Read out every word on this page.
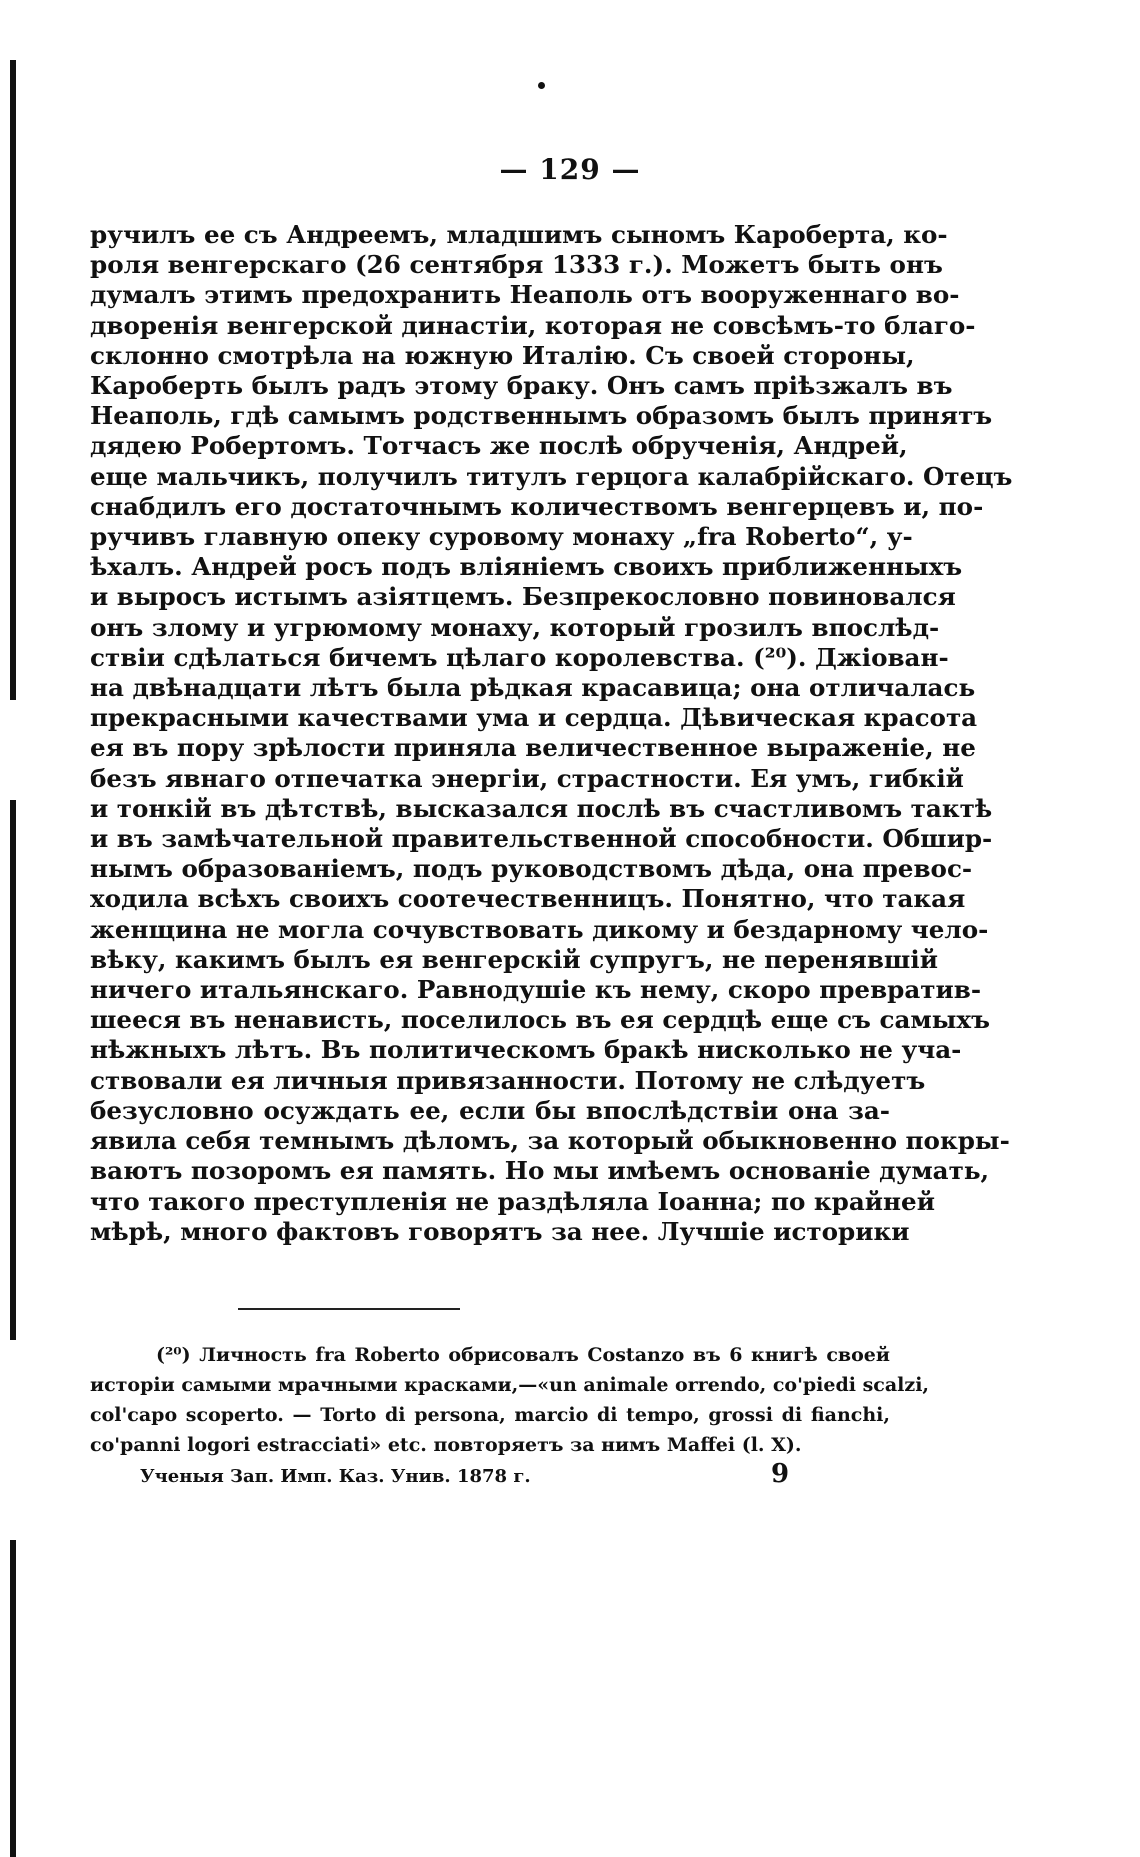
— 129 —
ручилъ ее съ Андреемъ, младшимъ сыномъ Кароберта, ко-
роля венгерскаго (26 сентября 1333 г.). Можетъ быть онъ
думалъ этимъ предохранить Неаполь отъ вооруженнаго во-
дворенія венгерской династіи, которая не совсѣмъ-то благо-
склонно смотрѣла на южную Италію. Съ своей стороны,
Кароберть былъ радъ этому браку. Онъ самъ пріѣзжалъ въ
Неаполь, гдѣ самымъ родственнымъ образомъ былъ принятъ
дядею Робертомъ. Тотчасъ же послѣ обрученія, Андрей,
еще мальчикъ, получилъ титулъ герцога калабрійскаго. Отецъ
снабдилъ его достаточнымъ количествомъ венгерцевъ и, по-
ручивъ главную опеку суровому монаху „fra Roberto“, у-
ѣхалъ. Андрей росъ подъ вліяніемъ своихъ приближенныхъ
и выросъ истымъ азіятцемъ. Безпрекословно повиновался
онъ злому и угрюмому монаху, который грозилъ впослѣд-
ствіи сдѣлаться бичемъ цѣлаго королевства. (²⁰). Джіован-
на двѣнадцати лѣтъ была рѣдкая красавица; она отличалась
прекрасными качествами ума и сердца. Дѣвическая красота
ея въ пору зрѣлости приняла величественное выраженіе, не
безъ явнаго отпечатка энергіи, страстности. Ея умъ, гибкій
и тонкій въ дѣтствѣ, высказался послѣ въ счастливомъ тактѣ
и въ замѣчательной правительственной способности. Обшир-
нымъ образованіемъ, подъ руководствомъ дѣда, она превос-
ходила всѣхъ своихъ соотечественницъ. Понятно, что такая
женщина не могла сочувствовать дикому и бездарному чело-
вѣку, какимъ былъ ея венгерскій супругъ, не перенявшій
ничего итальянскаго. Равнодушіе къ нему, скоро превратив-
шееся въ ненависть, поселилось въ ея сердцѣ еще съ самыхъ
нѣжныхъ лѣтъ. Въ политическомъ бракѣ нисколько не уча-
ствовали ея личныя привязанности. Потому не слѣдуетъ
безусловно осуждать ее, если бы впослѣдствіи она за-
явила себя темнымъ дѣломъ, за который обыкновенно покры-
ваютъ позоромъ ея память. Но мы имѣемъ основаніе думать,
что такого преступленія не раздѣляла Іоанна; по крайней
мѣрѣ, много фактовъ говорятъ за нее. Лучшіе историки
(²⁰) Личность fra Roberto обрисовалъ Costanzo въ 6 книгѣ своей
исторіи самыми мрачными красками,—«un animale orrendo, co'piedi scalzi,
col'capo scoperto. — Torto di persona, marcio di tempo, grossi di fianchi,
co'panni logori estracciati» etc. повторяетъ за нимъ Maffei (l. X).
Ученыя Зап. Имп. Каз. Унив. 1878 г.	9
